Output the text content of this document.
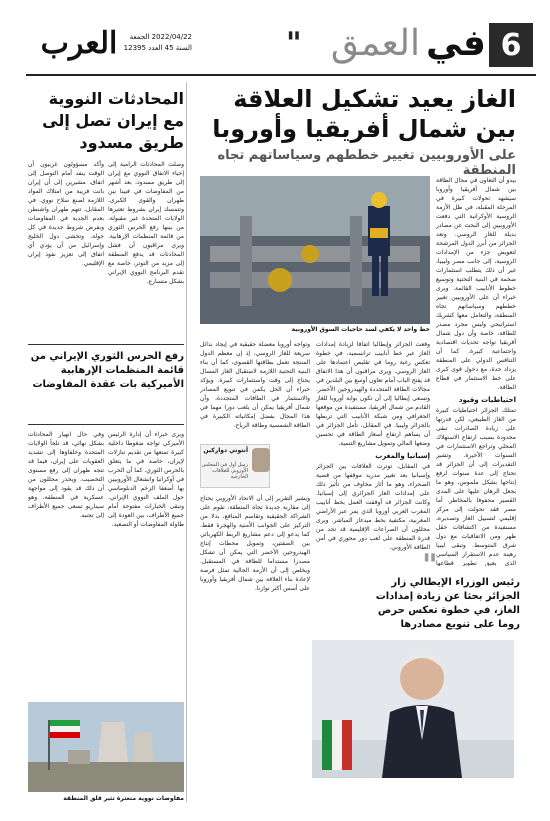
6
في
العمق
"
العرب	2022/04/22 الجمعة
السنة 45 العدد 12395
الغاز يعيد تشكيل العلاقة
بين شمال أفريقيا وأوروبا
على الأوروبيين تغيير خططهم وسياساتهم تجاه المنطقة
المحادثات النووية مع إيران تصل إلى طريق مسدود

يبدو أن التعاون في مجال الطاقة بين شمال أفريقيا وأوروبا سيشهد تحولات كبيرة في المرحلة المقبلة، في ظل الأزمة الروسية الأوكرانية التي دفعت الأوروبيين إلى البحث عن مصادر بديلة للغاز الروسي. وتعد الجزائر من أبرز الدول المرشحة لتعويض جزء من الإمدادات الروسية، إلى جانب مصر وليبيا، غير أن ذلك يتطلب استثمارات ضخمة في البنية التحتية وتوسيع خطوط الأنابيب القائمة. ويرى خبراء أن على الأوروبيين تغيير خططهم وسياساتهم تجاه المنطقة، والتعامل معها كشريك استراتيجي وليس مجرد مصدر للطاقة، خاصة وأن دول شمال أفريقيا تواجه تحديات اقتصادية واجتماعية كبيرة. كما أن التنافس الدولي على المنطقة يزداد حدة، مع دخول قوى كبرى على خط الاستثمار في قطاع الطاقة.

احتياطيات وقيود

تمتلك الجزائر احتياطيات كبيرة من الغاز الطبيعي، لكن قدرتها على زيادة الصادرات تبقى محدودة بسبب ارتفاع الاستهلاك المحلي وتراجع الاستثمارات في السنوات الأخيرة. وتشير التقديرات إلى أن الجزائر قد تحتاج إلى عدة سنوات لرفع إنتاجها بشكل ملموس، وهو ما يجعل الرهان عليها على المدى القصير محفوفا بالمخاطر. أما مصر فقد تحولت إلى مركز إقليمي لتسييل الغاز وتصديره، مستفيدة من اكتشافات حقل ظهر ومن الاتفاقيات مع دول شرق المتوسط. وتبقى ليبيا رهينة عدم الاستقرار السياسي الذي يعيق تطوير قطاعها

خط واحد لا يكفي لسد حاجيات السوق الأوروبية

وقعت الجزائر وإيطاليا اتفاقا لزيادة إمدادات الغاز عبر خط أنابيب ترانسميد، في خطوة تعكس رغبة روما في تقليص اعتمادها على الغاز الروسي. ويرى مراقبون أن هذا الاتفاق قد يفتح الباب أمام تعاون أوسع بين البلدين في مجالات الطاقة المتجددة والهيدروجين الأخضر. وتسعى إيطاليا إلى أن تكون بوابة أوروبا للغاز القادم من شمال أفريقيا، مستفيدة من موقعها الجغرافي ومن شبكة الأنابيب التي تربطها بالجزائر وليبيا. في المقابل، تأمل الجزائر في أن يساهم ارتفاع أسعار الطاقة في تحسين وضعها المالي وتمويل مشاريع التنمية.

إسبانيا والمغرب

في المقابل، توترت العلاقات بين الجزائر وإسبانيا بعد تغيير مدريد موقفها من قضية الصحراء، وهو ما أثار مخاوف من تأثير ذلك على إمدادات الغاز الجزائري إلى إسبانيا. وكانت الجزائر قد أوقفت العمل بخط أنابيب المغرب العربي أوروبا الذي يمر عبر الأراضي المغربية، مكتفية بخط ميدغاز المباشر. ويرى محللون أن الصراعات الإقليمية قد تحد من قدرة المنطقة على لعب دور محوري في أمن الطاقة الأوروبي.

وتواجه أوروبا معضلة حقيقية في إيجاد بدائل سريعة للغاز الروسي، إذ إن معظم الدول المنتجة تعمل بطاقتها القصوى، كما أن بناء البنية التحتية اللازمة لاستقبال الغاز المسال يحتاج إلى وقت واستثمارات كبيرة. ويؤكد خبراء أن الحل يكمن في تنويع المصادر والاستثمار في الطاقات المتجددة، وأن شمال أفريقيا يمكن أن يلعب دورا مهما في هذا المجال بفضل إمكانياته الكبيرة في الطاقة الشمسية وطاقة الرياح.

أنتوني دواركين
زميل أول في المجلس الأوروبي للعلاقات الخارجية

ويشير التقرير إلى أن الاتحاد الأوروبي يحتاج إلى مقاربة جديدة تجاه المنطقة، تقوم على الشراكة الحقيقية وتقاسم المنافع، بدلا من التركيز على الجوانب الأمنية والهجرة فقط. كما يدعو إلى دعم مشاريع الربط الكهربائي بين الضفتين، وتمويل محطات إنتاج الهيدروجين الأخضر التي يمكن أن تشكل مصدرا مستداما للطاقة في المستقبل. ويخلص إلى أن الأزمة الحالية تمثل فرصة لإعادة بناء العلاقة بين شمال أفريقيا وأوروبا على أسس أكثر توازنا.

"
رئيس الوزراء الإيطالي زار الجزائر بحثا عن زيادة إمدادات الغاز، في خطوة تعكس حرص روما على تنويع مصادرها

وصلت المحادثات الرامية إلى إحياء الاتفاق النووي مع إيران إلى طريق مسدود، بعد أشهر من المفاوضات في فيينا بين طهران والقوى الكبرى. وتتمسك إيران بشروط تعتبرها الولايات المتحدة غير مقبولة، من بينها رفع الحرس الثوري من قائمة المنظمات الإرهابية. ويرى مراقبون أن فشل المحادثات قد يدفع المنطقة إلى مزيد من التوتر، خاصة مع تقدم البرنامج النووي الإيراني بشكل متسارع.

وأكد مسؤولون غربيون أن الوقت ينفد أمام التوصل إلى اتفاق، مشيرين إلى أن إيران باتت قريبة من امتلاك المواد اللازمة لصنع سلاح نووي. في المقابل، تتهم طهران واشنطن بعدم الجدية في المفاوضات وبفرض شروط جديدة في كل جولة. وتخشى دول الخليج وإسرائيل من أن يؤدي أي اتفاق إلى تعزيز نفوذ إيران الإقليمي.

رفع الحرس الثوري الإيراني من قائمة المنظمات الإرهابية الأميركية بات عقدة المفاوضات

ويرى خبراء أن إدارة الرئيس الأميركي تواجه ضغوطا داخلية كبيرة تمنعها من تقديم تنازلات لإيران، خاصة في ما يتعلق بالحرس الثوري. كما أن الحرب في أوكرانيا وانشغال الأوروبيين بها أضعفا الزخم الدبلوماسي حول الملف النووي الإيراني. وتبقى الخيارات مفتوحة أمام جميع الأطراف، بين العودة إلى طاولة المفاوضات أو التصعيد.

وفي حال انهيار المحادثات بشكل نهائي، قد تلجأ الولايات المتحدة وحلفاؤها إلى تشديد العقوبات على إيران، فيما قد تتجه طهران إلى رفع مستوى التخصيب. ويحذر محللون من أن ذلك قد يقود إلى مواجهة عسكرية في المنطقة، وهو سيناريو تسعى جميع الأطراف إلى تجنبه.

مفاوضات نووية متعثرة تثير قلق المنطقة
